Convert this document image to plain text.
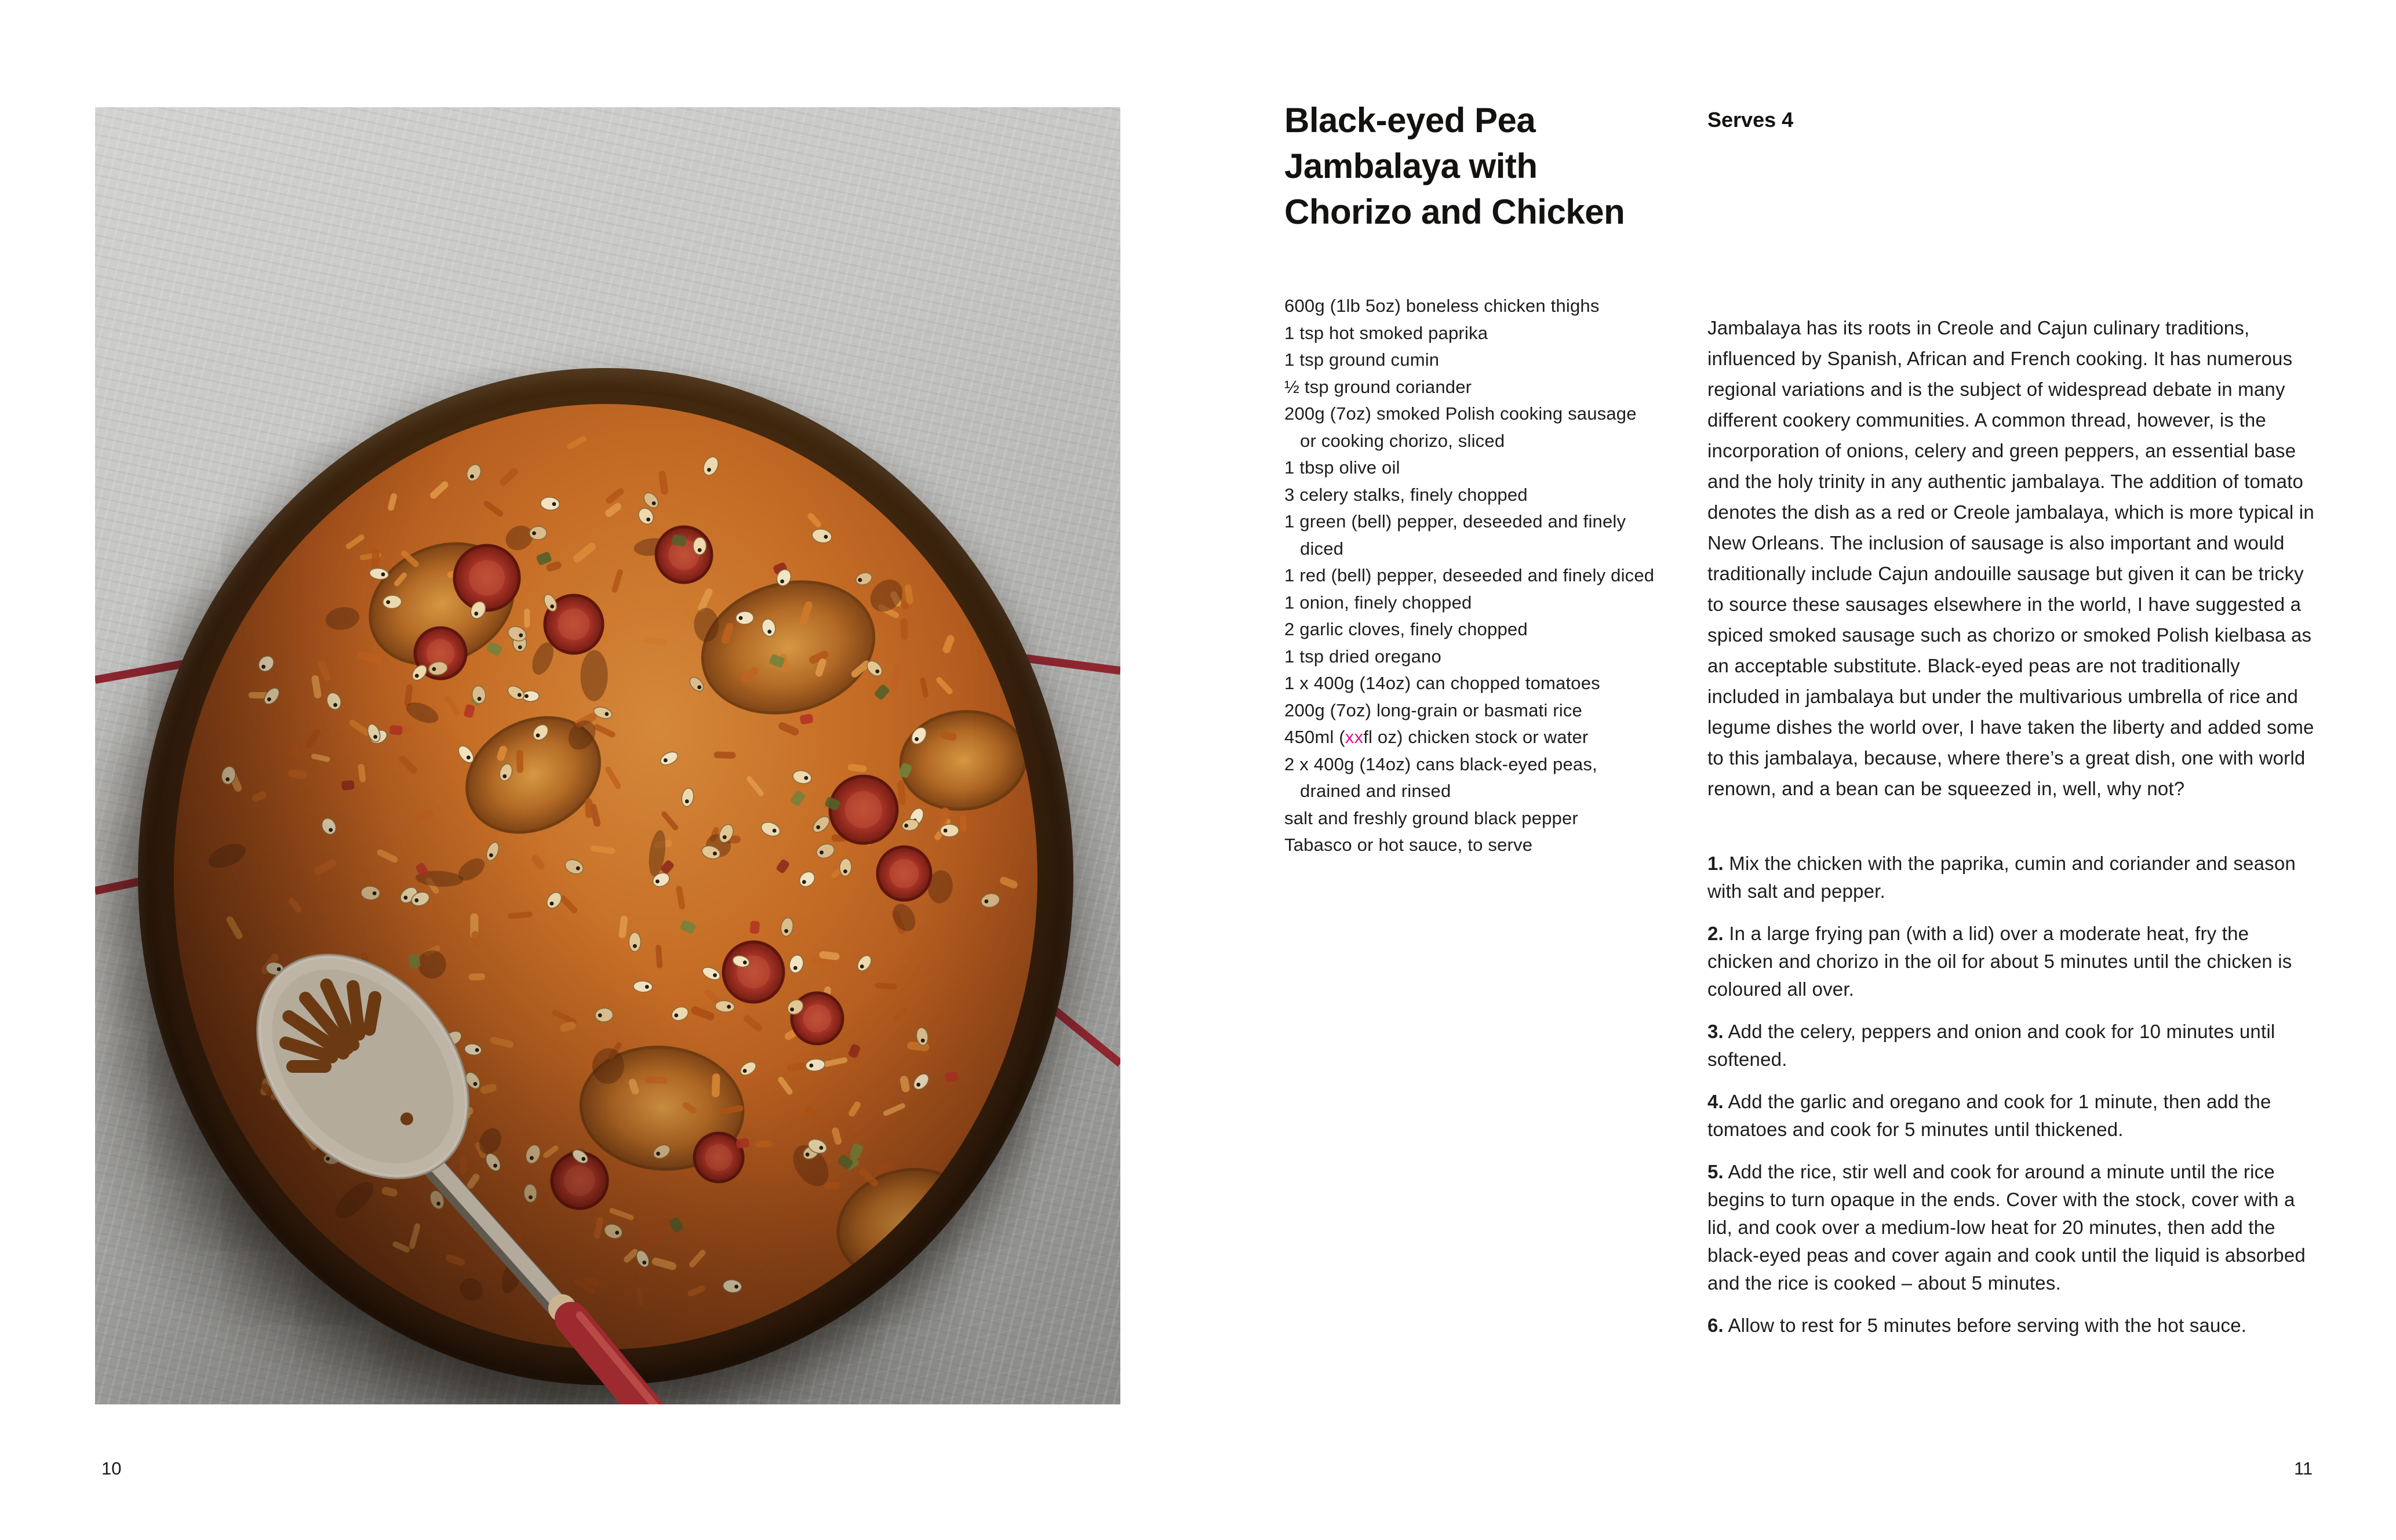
Black-eyed Pea
Jambalaya with
Chorizo and Chicken
Serves 4
600g (1lb 5oz) boneless chicken thighs
1 tsp hot smoked paprika
1 tsp ground cumin
½ tsp ground coriander
200g (7oz) smoked Polish cooking sausage
or cooking chorizo, sliced
1 tbsp olive oil
3 celery stalks, finely chopped
1 green (bell) pepper, deseeded and finely
diced
1 red (bell) pepper, deseeded and finely diced
1 onion, finely chopped
2 garlic cloves, finely chopped
1 tsp dried oregano
1 x 400g (14oz) can chopped tomatoes
200g (7oz) long-grain or basmati rice
450ml (xxfl oz) chicken stock or water
2 x 400g (14oz) cans black-eyed peas,
drained and rinsed
salt and freshly ground black pepper
Tabasco or hot sauce, to serve

Jambalaya has its roots in Creole and Cajun culinary traditions, influenced by Spanish, African and French cooking. It has numerous regional variations and is the subject of widespread debate in many different cookery communities. A common thread, however, is the incorporation of onions, celery and green peppers, an essential base and the holy trinity in any authentic jambalaya. The addition of tomato denotes the dish as a red or Creole jambalaya, which is more typical in New Orleans. The inclusion of sausage is also important and would traditionally include Cajun andouille sausage but given it can be tricky to source these sausages elsewhere in the world, I have suggested a spiced smoked sausage such as chorizo or smoked Polish kielbasa as an acceptable substitute. Black-eyed peas are not traditionally included in jambalaya but under the multivarious umbrella of rice and legume dishes the world over, I have taken the liberty and added some to this jambalaya, because, where there’s a great dish, one with world renown, and a bean can be squeezed in, well, why not?

1. Mix the chicken with the paprika, cumin and coriander and season with salt and pepper.
2. In a large frying pan (with a lid) over a moderate heat, fry the chicken and chorizo in the oil for about 5 minutes until the chicken is coloured all over.
3. Add the celery, peppers and onion and cook for 10 minutes until softened.
4. Add the garlic and oregano and cook for 1 minute, then add the tomatoes and cook for 5 minutes until thickened.
5. Add the rice, stir well and cook for around a minute until the rice begins to turn opaque in the ends. Cover with the stock, cover with a lid, and cook over a medium-low heat for 20 minutes, then add the black-eyed peas and cover again and cook until the liquid is absorbed and the rice is cooked – about 5 minutes.
6. Allow to rest for 5 minutes before serving with the hot sauce.
10	11
